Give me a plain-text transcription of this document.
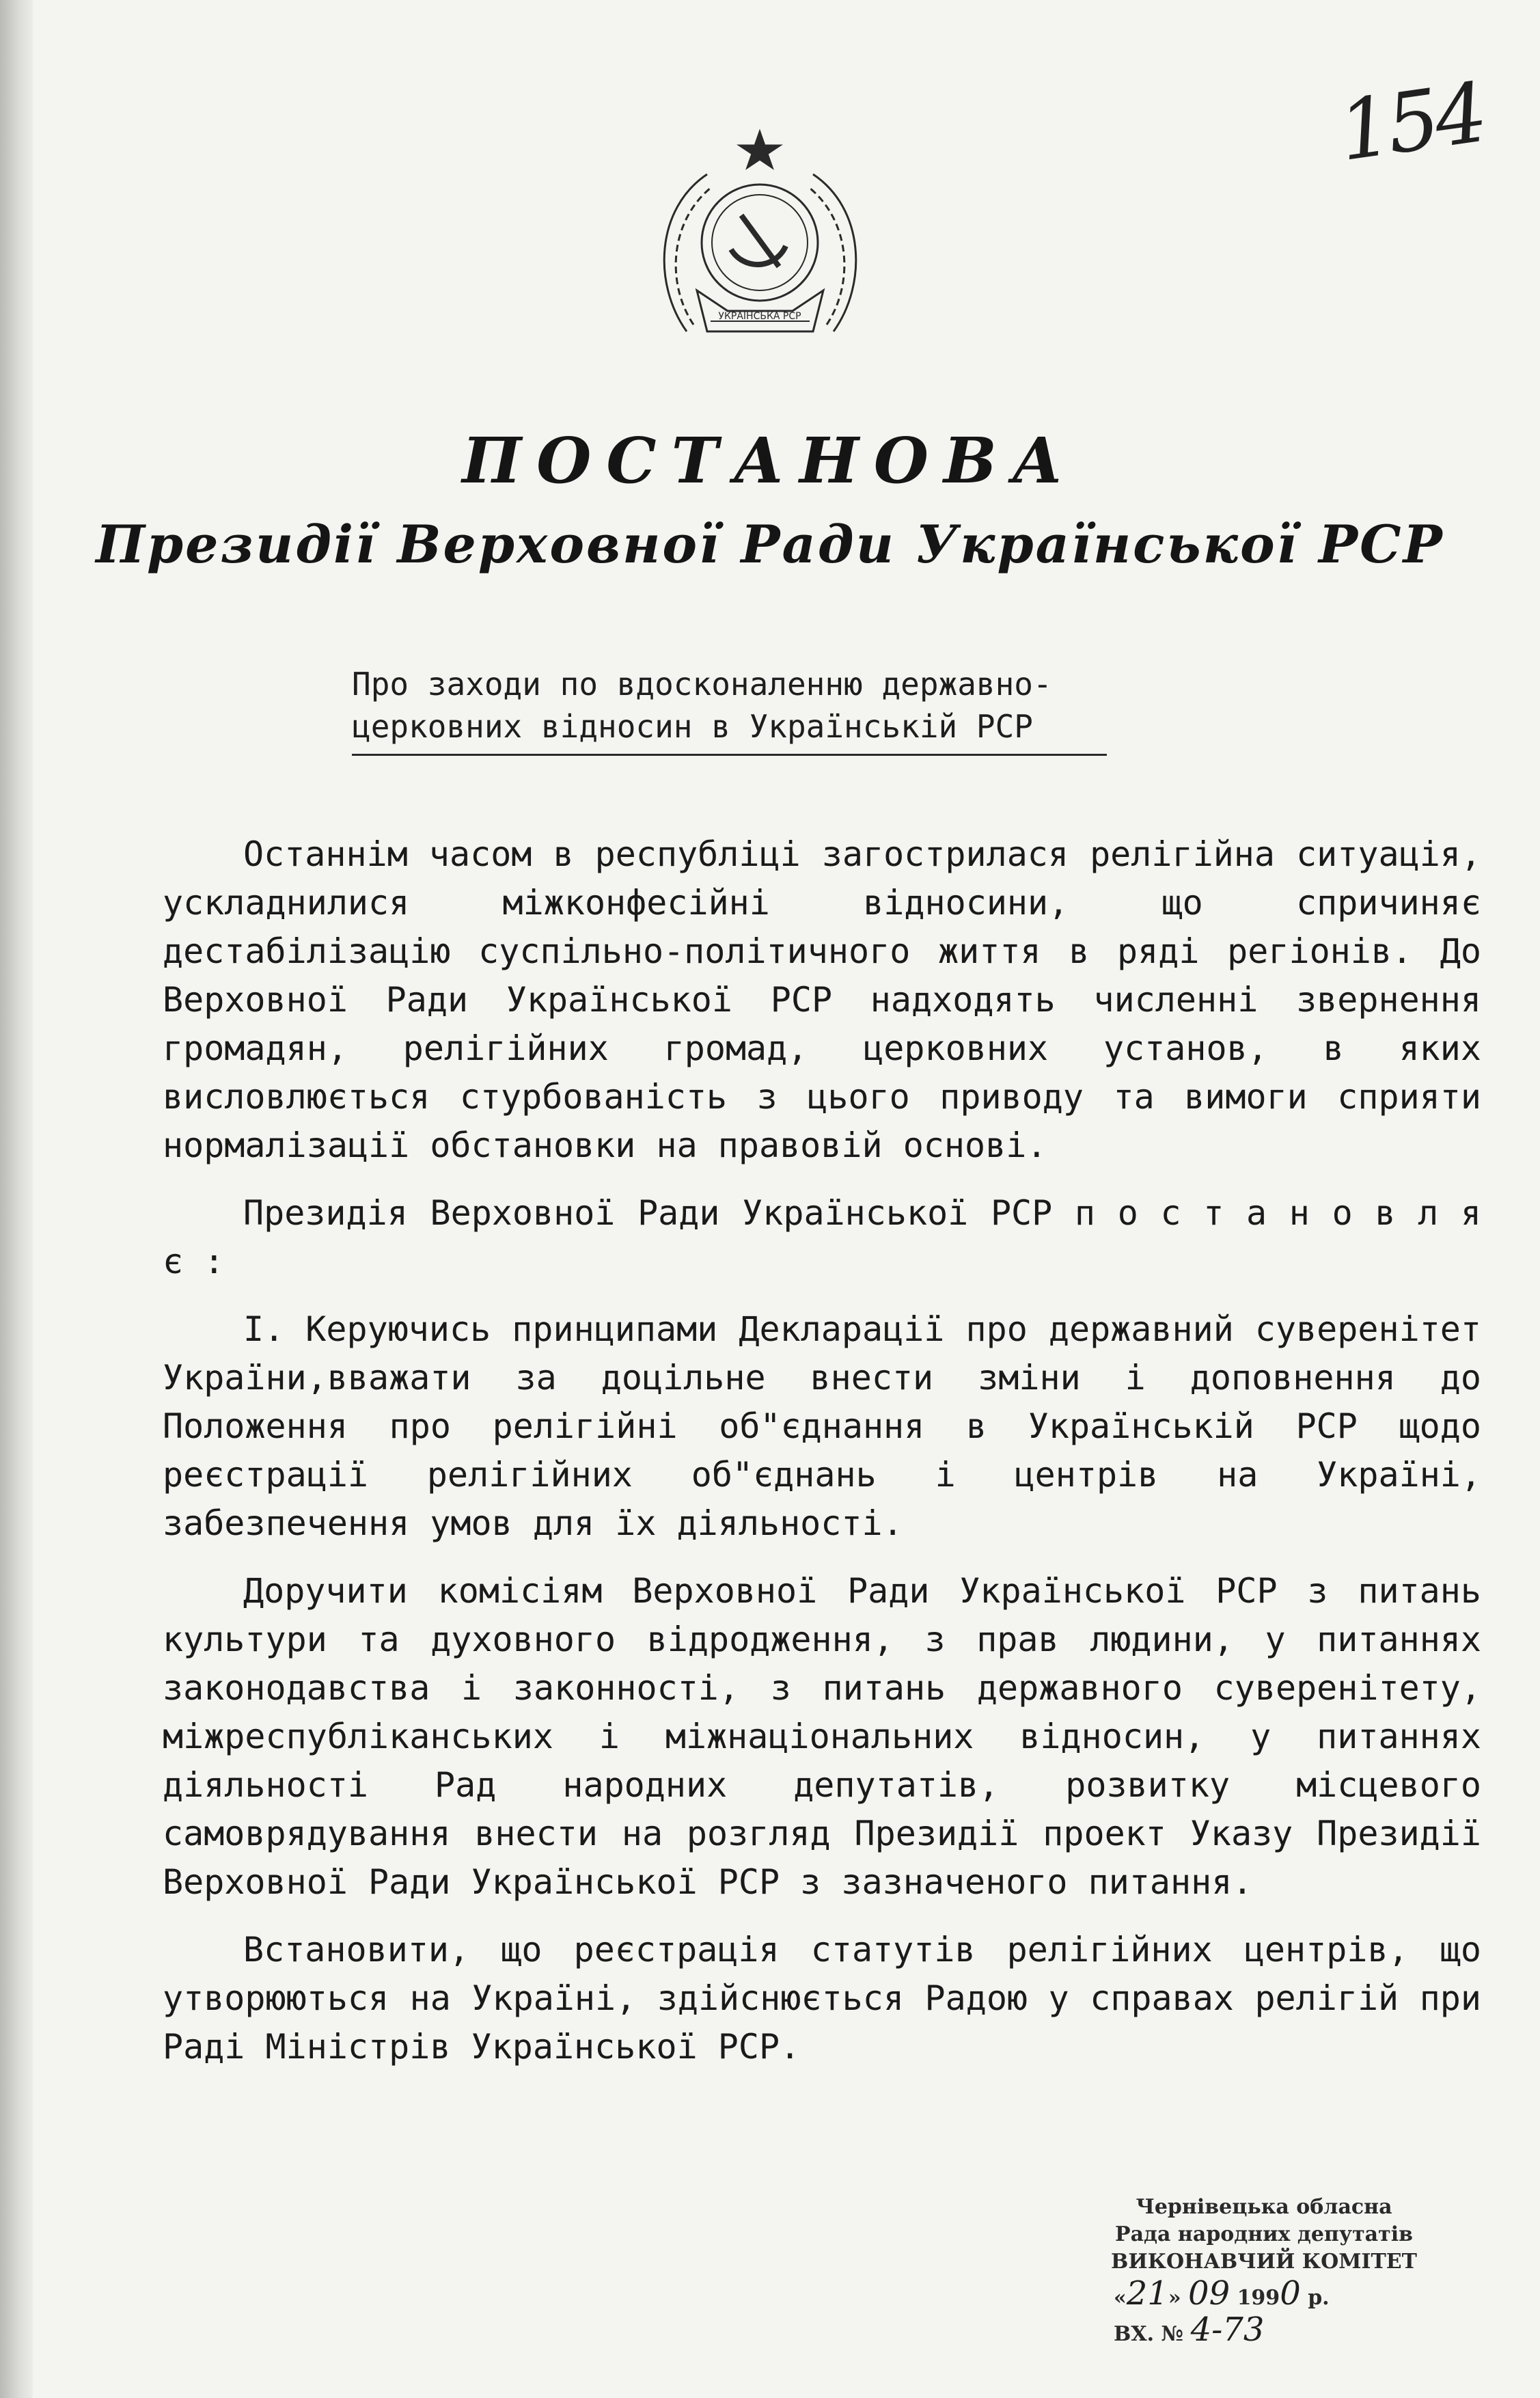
154
УКРАЇНСЬКА РСР
ПОСТАНОВА
Президії Верховної Ради Української РСР
Про заходи по вдосконаленню державно-
церковних відносин в Українській РСР

Останнім часом в республіці загострилася релігійна ситуація, ускладнилися міжконфесійні відносини, що спричиняє дестабілізацію суспільно-політичного життя в ряді регіонів. До Верховної Ради Української РСР надходять численні звернення громадян, релігійних громад, церковних установ, в яких висловлюється стурбованість з цього приводу та вимоги сприяти нормалізації обстановки на правовій основі.

Президія Верховної Ради Української РСР п о с т а н о в л я є :

І. Керуючись принципами Декларації про державний суверенітет України,вважати за доцільне внести зміни і доповнення до Положення про релігійні об"єднання в Українській РСР щодо реєстрації релігійних об"єднань і центрів на Україні, забезпечення умов для їх діяльності.

Доручити комісіям Верховної Ради Української РСР з питань культури та духовного відродження, з прав людини, у питаннях законодавства і законності, з питань державного суверенітету, міжреспубліканських і міжнаціональних відносин, у питаннях діяльності Рад народних депутатів, розвитку місцевого самоврядування внести на розгляд Президії проект Указу Президії Верховної Ради Української РСР з зазначеного питання.

Встановити, що реєстрація статутів релігійних центрів, що утворюються на Україні, здійснюється Радою у справах релігій при Раді Міністрів Української РСР.

Чернівецька обласна
Рада народних депутатів
ВИКОНАВЧИЙ КОМІТЕТ
«21» 09 1990 р.
ВХ. № 4-73
